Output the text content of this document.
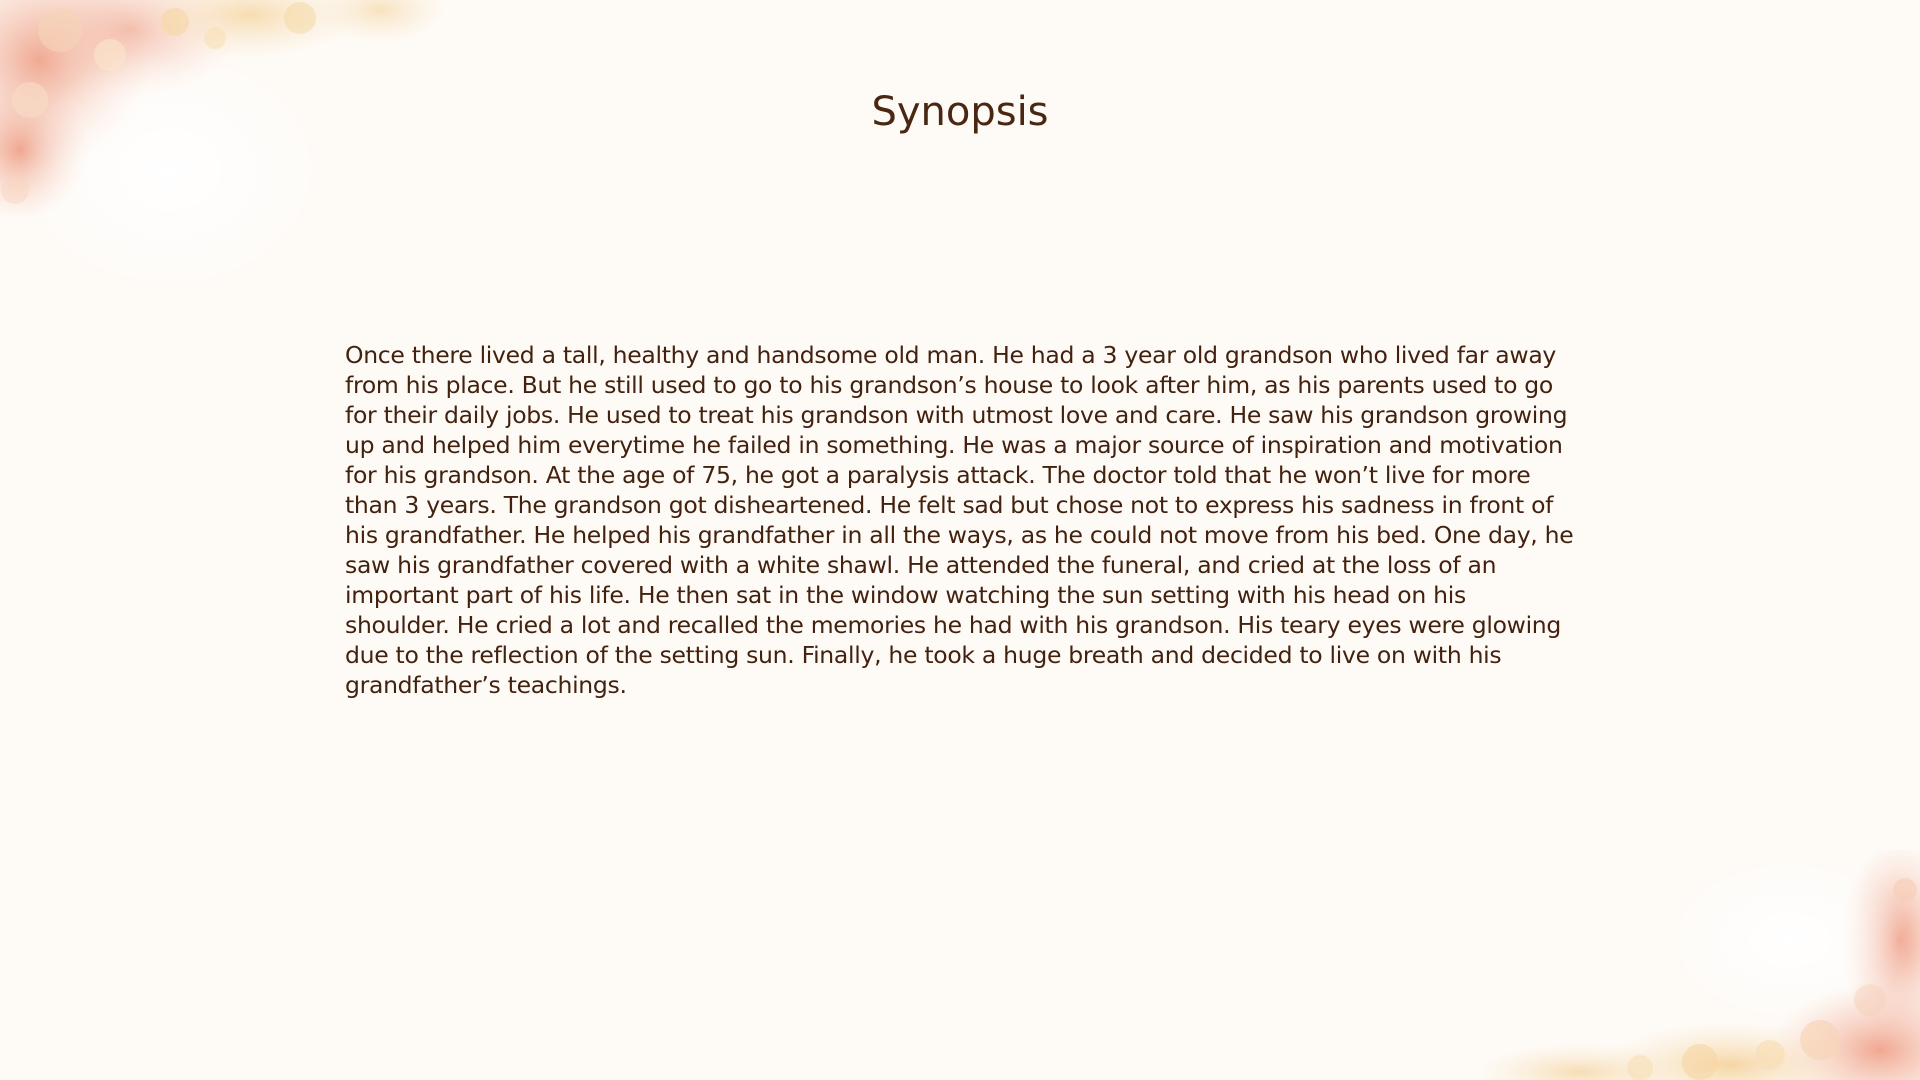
Synopsis

Once there lived a tall, healthy and handsome old man. He had a 3 year old grandson who lived far away from his place. But he still used to go to his grandson’s house to look after him, as his parents used to go for their daily jobs. He used to treat his grandson with utmost love and care. He saw his grandson growing up and helped him everytime he failed in something. He was a major source of inspiration and motivation for his grandson. At the age of 75, he got a paralysis attack. The doctor told that he won’t live for more than 3 years. The grandson got disheartened. He felt sad but chose not to express his sadness in front of his grandfather. He helped his grandfather in all the ways, as he could not move from his bed. One day, he saw his grandfather covered with a white shawl. He attended the funeral, and cried at the loss of an important part of his life. He then sat in the window watching the sun setting with his head on his shoulder. He cried a lot and recalled the memories he had with his grandson. His teary eyes were glowing due to the reflection of the setting sun. Finally, he took a huge breath and decided to live on with his grandfather’s teachings.
